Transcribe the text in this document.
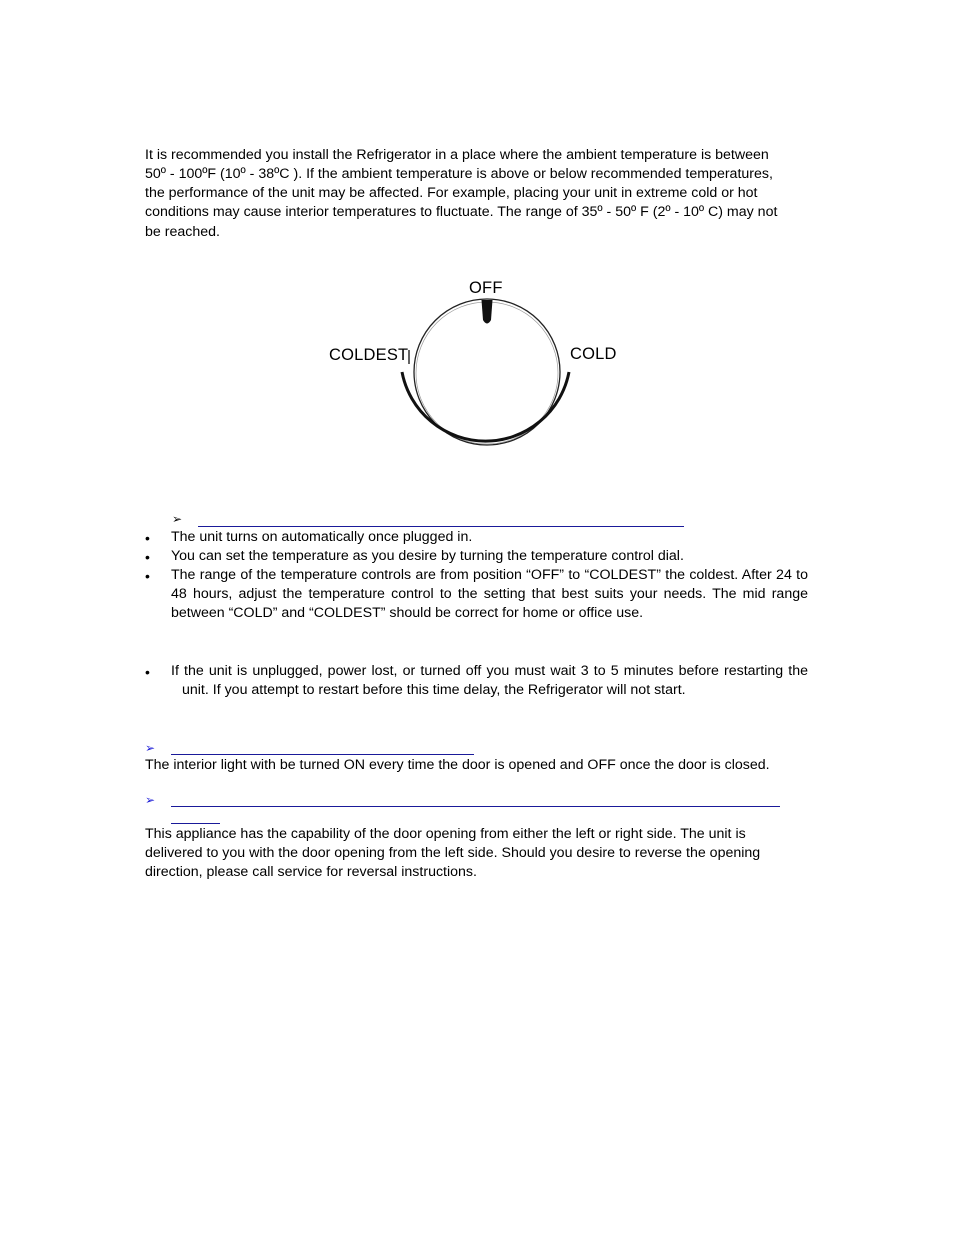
It is recommended you install the Refrigerator in a place where the ambient temperature is between
50º - 100ºF (10º - 38ºC ). If the ambient temperature is above or below recommended temperatures,
the performance of the unit may be affected. For example, placing your unit in extreme cold or hot
conditions may cause interior temperatures to fluctuate. The range of 35º - 50º F (2º - 10º C) may not
be reached.
OFF
COLDEST	COLD
➢
• The unit turns on automatically once plugged in.
• You can set the temperature as you desire by turning the temperature control dial.
• The range of the temperature controls are from position “OFF” to “COLDEST” the coldest. After 24 to 48 hours, adjust the temperature control to the setting that best suits your needs. The mid range between “COLD” and “COLDEST” should be correct for home or office use.

• If the unit is unplugged, power lost, or turned off you must wait 3 to 5 minutes before restarting the
unit. If you attempt to restart before this time delay, the Refrigerator will not start.
➢
The interior light with be turned ON every time the door is opened and OFF once the door is closed.
➢

This appliance has the capability of the door opening from either the left or right side. The unit is delivered to you with the door opening from the left side. Should you desire to reverse the opening direction, please call service for reversal instructions.
